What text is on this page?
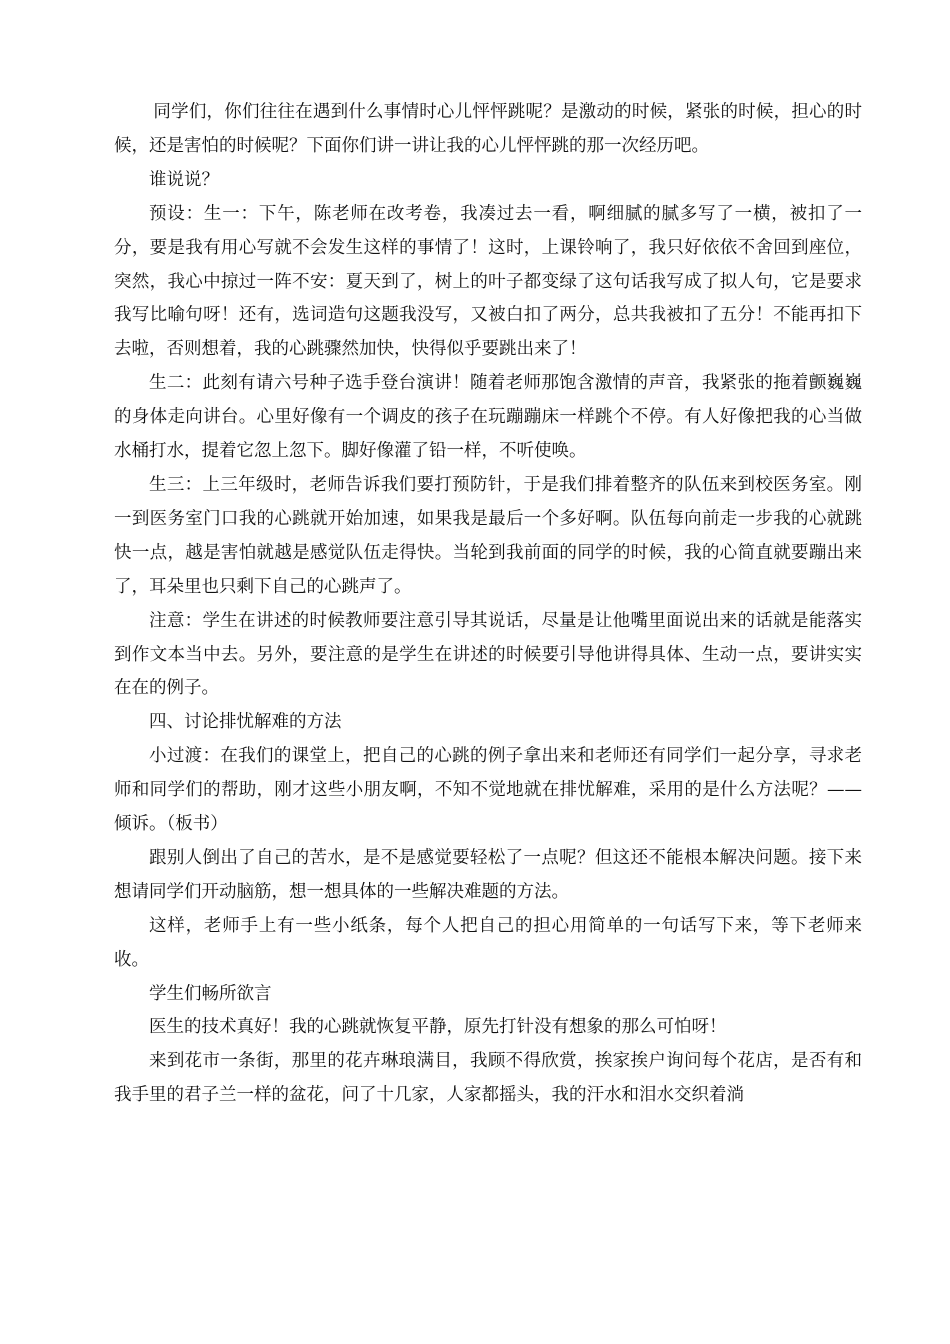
同学们，你们往往在遇到什么事情时心儿怦怦跳呢？是激动的时候，紧张的时候，担心的时候，还是害怕的时候呢？下面你们讲一讲让我的心儿怦怦跳的那一次经历吧。

谁说说？

预设：生一：下午，陈老师在改考卷，我凑过去一看，啊细腻的腻多写了一横，被扣了一分，要是我有用心写就不会发生这样的事情了！这时，上课铃响了，我只好依依不舍回到座位，突然，我心中掠过一阵不安：夏天到了，树上的叶子都变绿了这句话我写成了拟人句，它是要求我写比喻句呀！还有，选词造句这题我没写，又被白扣了两分，总共我被扣了五分！不能再扣下去啦，否则想着，我的心跳骤然加快，快得似乎要跳出来了！

生二：此刻有请六号种子选手登台演讲！随着老师那饱含激情的声音，我紧张的拖着颤巍巍的身体走向讲台。心里好像有一个调皮的孩子在玩蹦蹦床一样跳个不停。有人好像把我的心当做水桶打水，提着它忽上忽下。脚好像灌了铅一样，不听使唤。

生三：上三年级时，老师告诉我们要打预防针，于是我们排着整齐的队伍来到校医务室。刚一到医务室门口我的心跳就开始加速，如果我是最后一个多好啊。队伍每向前走一步我的心就跳快一点，越是害怕就越是感觉队伍走得快。当轮到我前面的同学的时候，我的心简直就要蹦出来了，耳朵里也只剩下自己的心跳声了。

注意：学生在讲述的时候教师要注意引导其说话，尽量是让他嘴里面说出来的话就是能落实到作文本当中去。另外，要注意的是学生在讲述的时候要引导他讲得具体、生动一点，要讲实实在在的例子。

四、讨论排忧解难的方法

小过渡：在我们的课堂上，把自己的心跳的例子拿出来和老师还有同学们一起分享，寻求老师和同学们的帮助，刚才这些小朋友啊，不知不觉地就在排忧解难，采用的是什么方法呢？——倾诉。（板书）

跟别人倒出了自己的苦水，是不是感觉要轻松了一点呢？但这还不能根本解决问题。接下来想请同学们开动脑筋，想一想具体的一些解决难题的方法。

这样，老师手上有一些小纸条，每个人把自己的担心用简单的一句话写下来，等下老师来收。

学生们畅所欲言

医生的技术真好！我的心跳就恢复平静，原先打针没有想象的那么可怕呀！

来到花市一条街，那里的花卉琳琅满目，我顾不得欣赏，挨家挨户询问每个花店，是否有和我手里的君子兰一样的盆花，问了十几家，人家都摇头，我的汗水和泪水交织着淌
